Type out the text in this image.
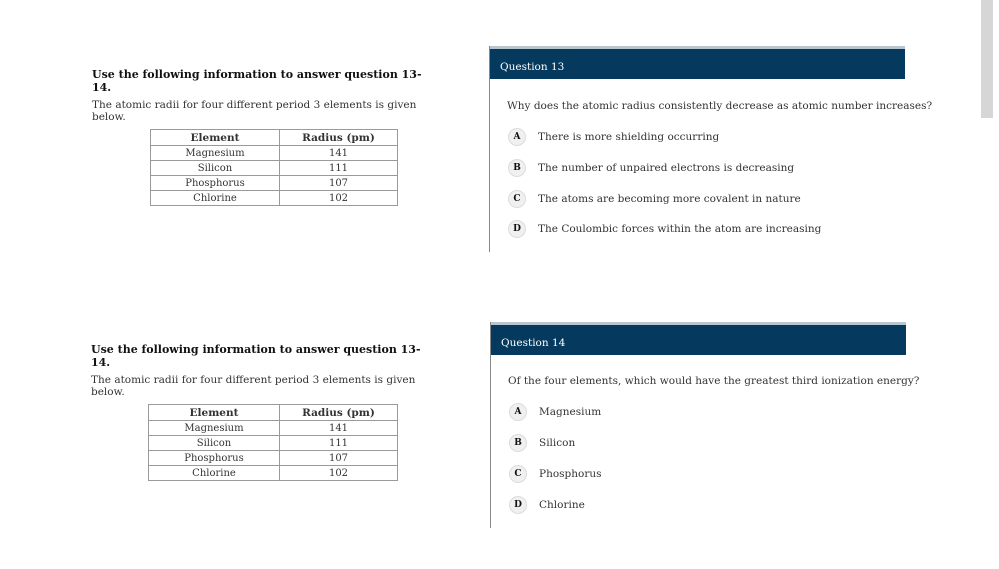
Use the following information to answer question 13-14.

The atomic radii for four different period 3 elements is given below.

Element	Radius (pm)
Magnesium	141
Silicon	111
Phosphorus	107
Chlorine	102
Question 13
Why does the atomic radius consistently decrease as atomic number increases?
A	There is more shielding occurring
B	The number of unpaired electrons is decreasing
C	The atoms are becoming more covalent in nature
D	The Coulombic forces within the atom are increasing

Use the following information to answer question 13-14.

The atomic radii for four different period 3 elements is given below.

Element	Radius (pm)
Magnesium	141
Silicon	111
Phosphorus	107
Chlorine	102
Question 14
Of the four elements, which would have the greatest third ionization energy?
A	Magnesium
B	Silicon
C	Phosphorus
D	Chlorine
